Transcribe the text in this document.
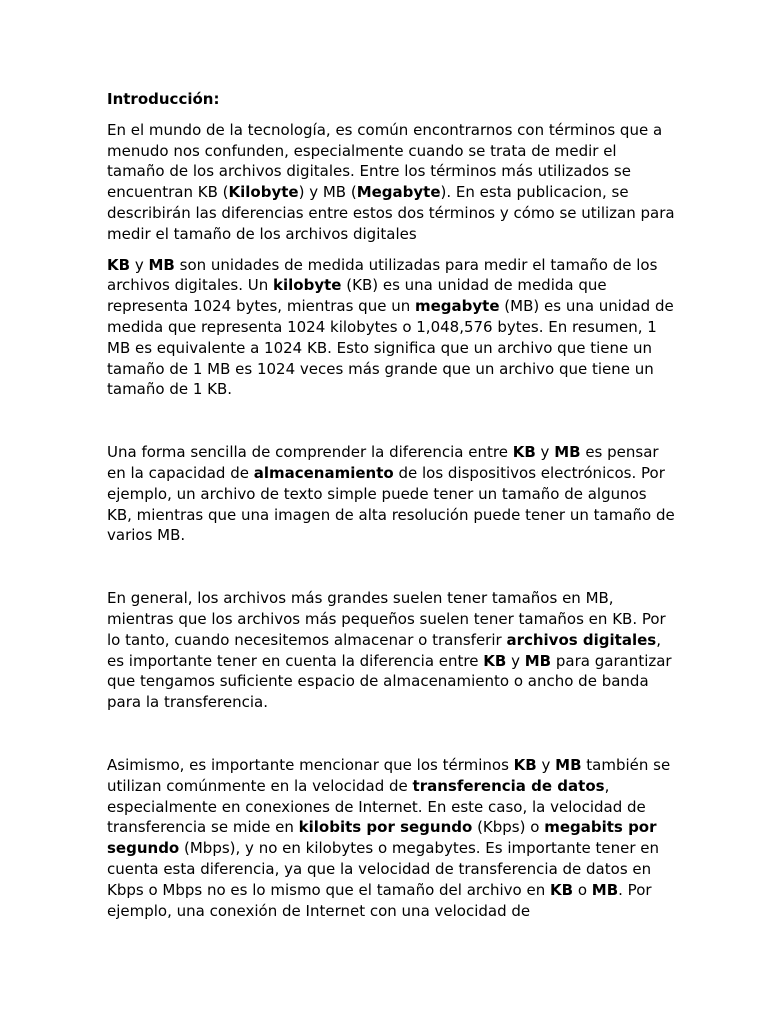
Introducción:

En el mundo de la tecnología, es común encontrarnos con términos que a menudo nos confunden, especialmente cuando se trata de medir el tamaño de los archivos digitales. Entre los términos más utilizados se encuentran KB (Kilobyte) y MB (Megabyte). En esta publicacion, se describirán las diferencias entre estos dos términos y cómo se utilizan para medir el tamaño de los archivos digitales

KB y MB son unidades de medida utilizadas para medir el tamaño de los archivos digitales. Un kilobyte (KB) es una unidad de medida que representa 1024 bytes, mientras que un megabyte (MB) es una unidad de medida que representa 1024 kilobytes o 1,048,576 bytes. En resumen, 1 MB es equivalente a 1024 KB. Esto significa que un archivo que tiene un tamaño de 1 MB es 1024 veces más grande que un archivo que tiene un tamaño de 1 KB.

Una forma sencilla de comprender la diferencia entre KB y MB es pensar en la capacidad de almacenamiento de los dispositivos electrónicos. Por ejemplo, un archivo de texto simple puede tener un tamaño de algunos KB, mientras que una imagen de alta resolución puede tener un tamaño de varios MB.

En general, los archivos más grandes suelen tener tamaños en MB, mientras que los archivos más pequeños suelen tener tamaños en KB. Por lo tanto, cuando necesitemos almacenar o transferir archivos digitales, es importante tener en cuenta la diferencia entre KB y MB para garantizar que tengamos suficiente espacio de almacenamiento o ancho de banda para la transferencia.

Asimismo, es importante mencionar que los términos KB y MB también se utilizan comúnmente en la velocidad de transferencia de datos, especialmente en conexiones de Internet. En este caso, la velocidad de transferencia se mide en kilobits por segundo (Kbps) o megabits por segundo (Mbps), y no en kilobytes o megabytes. Es importante tener en cuenta esta diferencia, ya que la velocidad de transferencia de datos en Kbps o Mbps no es lo mismo que el tamaño del archivo en KB o MB. Por ejemplo, una conexión de Internet con una velocidad de
